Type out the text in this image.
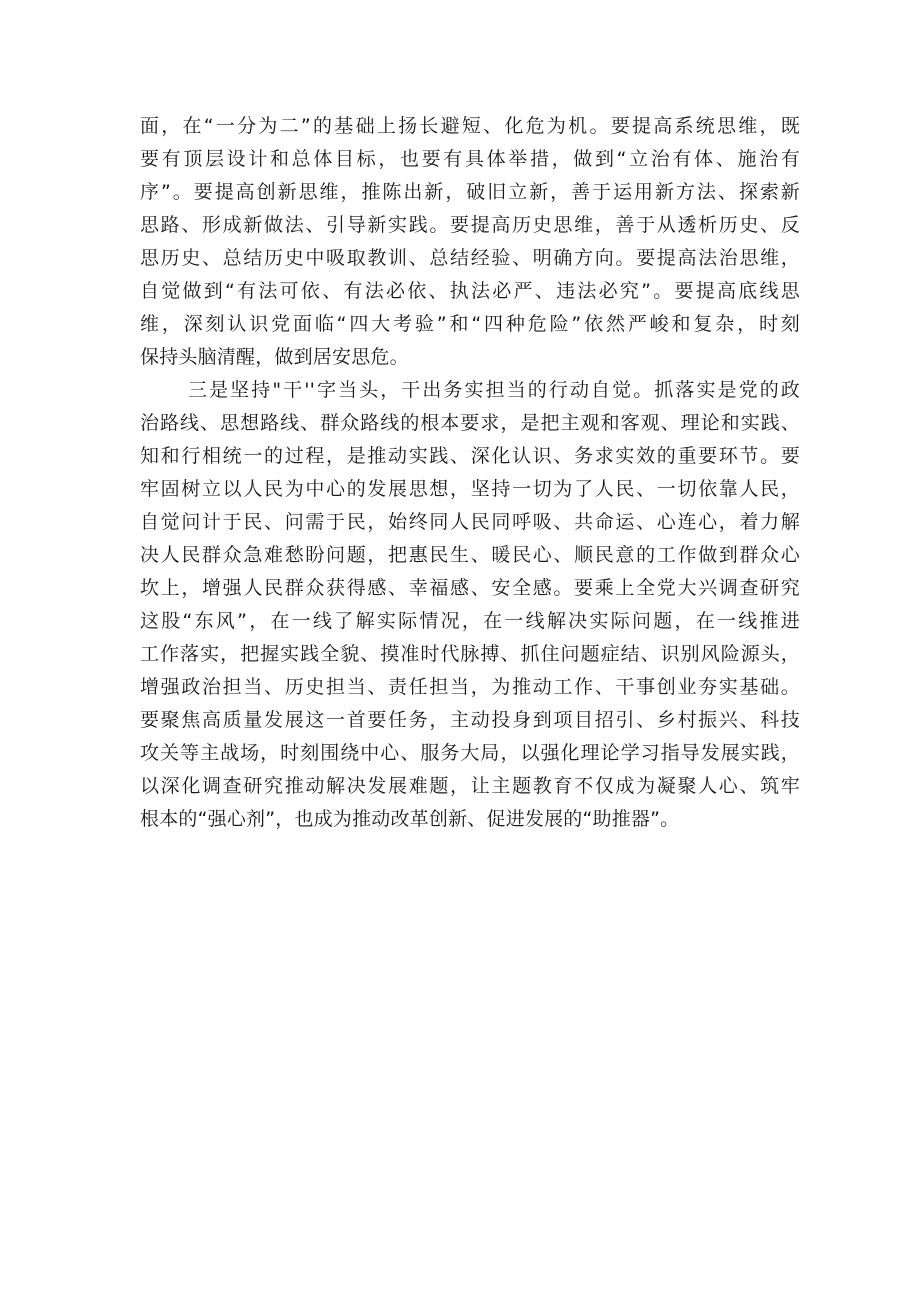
面，在“一分为二”的基础上扬长避短、化危为机。要提高系统思维，既
要有顶层设计和总体目标，也要有具体举措，做到“立治有体、施治有
序”。要提高创新思维，推陈出新，破旧立新，善于运用新方法、探索新
思路、形成新做法、引导新实践。要提高历史思维，善于从透析历史、反
思历史、总结历史中吸取教训、总结经验、明确方向。要提高法治思维，
自觉做到“有法可依、有法必依、执法必严、违法必究”。要提高底线思
维，深刻认识党面临“四大考验”和“四种危险”依然严峻和复杂，时刻
保持头脑清醒，做到居安思危。
三是坚持"干''字当头，干出务实担当的行动自觉。抓落实是党的政
治路线、思想路线、群众路线的根本要求，是把主观和客观、理论和实践、
知和行相统一的过程，是推动实践、深化认识、务求实效的重要环节。要
牢固树立以人民为中心的发展思想，坚持一切为了人民、一切依靠人民，
自觉问计于民、问需于民，始终同人民同呼吸、共命运、心连心，着力解
决人民群众急难愁盼问题，把惠民生、暖民心、顺民意的工作做到群众心
坎上，增强人民群众获得感、幸福感、安全感。要乘上全党大兴调查研究
这股“东风”，在一线了解实际情况，在一线解决实际问题，在一线推进
工作落实，把握实践全貌、摸准时代脉搏、抓住问题症结、识别风险源头，
增强政治担当、历史担当、责任担当，为推动工作、干事创业夯实基础。
要聚焦高质量发展这一首要任务，主动投身到项目招引、乡村振兴、科技
攻关等主战场，时刻围绕中心、服务大局，以强化理论学习指导发展实践，
以深化调查研究推动解决发展难题，让主题教育不仅成为凝聚人心、筑牢
根本的“强心剂”，也成为推动改革创新、促进发展的“助推器”。
